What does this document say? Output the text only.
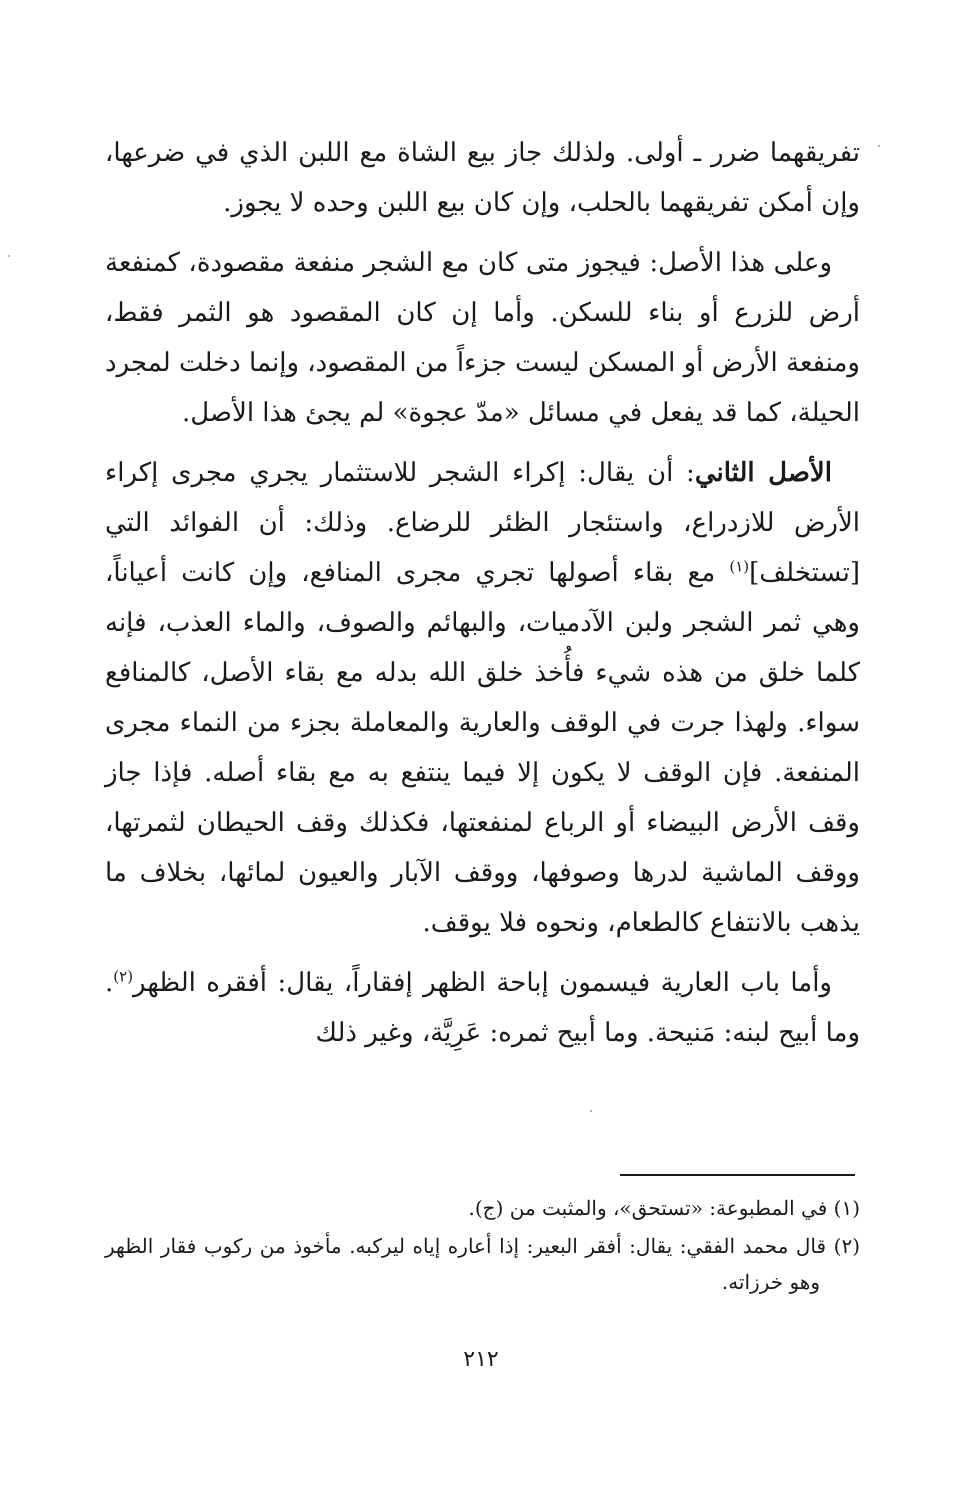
تفريقهما ضرر ـ أولى. ولذلك جاز بيع الشاة مع اللبن الذي في ضرعها، وإن أمكن تفريقهما بالحلب، وإن كان بيع اللبن وحده لا يجوز.

وعلى هذا الأصل: فيجوز متى كان مع الشجر منفعة مقصودة، كمنفعة أرض للزرع أو بناء للسكن. وأما إن كان المقصود هو الثمر فقط، ومنفعة الأرض أو المسكن ليست جزءاً من المقصود، وإنما دخلت لمجرد الحيلة، كما قد يفعل في مسائل «مدّ عجوة» لم يجئ هذا الأصل.

الأصل الثاني: أن يقال: إكراء الشجر للاستثمار يجري مجرى إكراء الأرض للازدراع، واستئجار الظئر للرضاع. وذلك: أن الفوائد التي [تستخلف]$^{(١)}$ مع بقاء أصولها تجري مجرى المنافع، وإن كانت أعياناً، وهي ثمر الشجر ولبن الآدميات، والبهائم والصوف، والماء العذب، فإنه كلما خلق من هذه شيء فأُخذ خلق الله بدله مع بقاء الأصل، كالمنافع سواء. ولهذا جرت في الوقف والعارية والمعاملة بجزء من النماء مجرى المنفعة. فإن الوقف لا يكون إلا فيما ينتفع به مع بقاء أصله. فإذا جاز وقف الأرض البيضاء أو الرباع لمنفعتها، فكذلك وقف الحيطان لثمرتها، ووقف الماشية لدرها وصوفها، ووقف الآبار والعيون لمائها، بخلاف ما يذهب بالانتفاع كالطعام، ونحوه فلا يوقف.

وأما باب العارية فيسمون إباحة الظهر إفقاراً، يقال: أفقره الظهر$^{(٢)}$. وما أبيح لبنه: مَنيحة. وما أبيح ثمره: عَرِيَّة، وغير ذلك

(١) في المطبوعة: «تستحق»، والمثبت من (ج).

(٢) قال محمد الفقي: يقال: أفقر البعير: إذا أعاره إياه ليركبه. مأخوذ من ركوب فقار الظهر وهو خرزاته.

٢١٢
